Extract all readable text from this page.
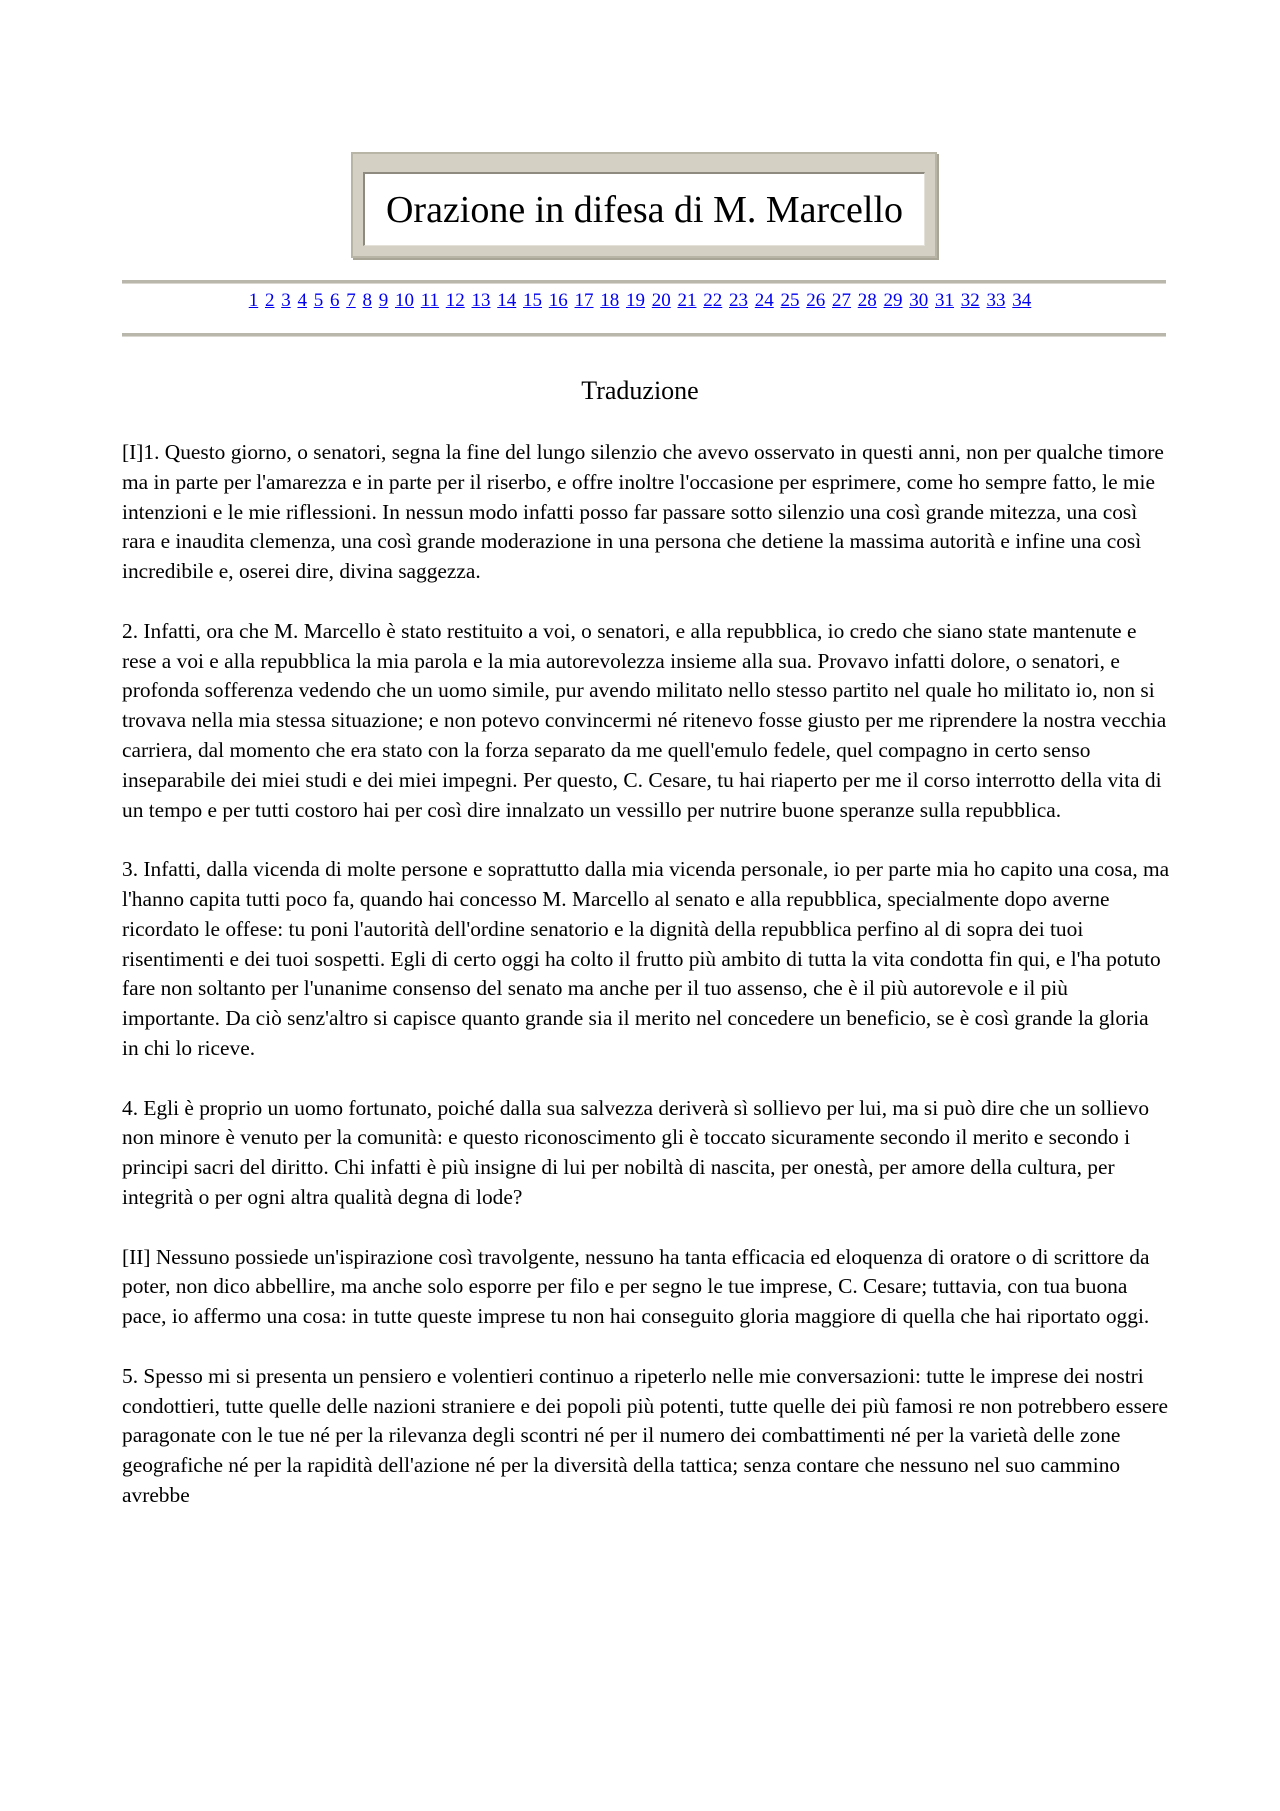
Orazione in difesa di M. Marcello
1 2 3 4 5 6 7 8 9 10 11 12 13 14 15 16 17 18 19 20 21 22 23 24 25 26 27 28 29 30 31 32 33 34
Traduzione

[I]1. Questo giorno, o senatori, segna la fine del lungo silenzio che avevo osservato in questi anni, non per qualche timore ma in parte per l'amarezza e in parte per il riserbo, e offre inoltre l'occasione per esprimere, come ho sempre fatto, le mie intenzioni e le mie riflessioni. In nessun modo infatti posso far passare sotto silenzio una così grande mitezza, una così rara e inaudita clemenza, una così grande moderazione in una persona che detiene la massima autorità e infine una così incredibile e, oserei dire, divina saggezza.

2. Infatti, ora che M. Marcello è stato restituito a voi, o senatori, e alla repubblica, io credo che siano state mantenute e rese a voi e alla repubblica la mia parola e la mia autorevolezza insieme alla sua. Provavo infatti dolore, o senatori, e profonda sofferenza vedendo che un uomo simile, pur avendo militato nello stesso partito nel quale ho militato io, non si trovava nella mia stessa situazione; e non potevo convincermi né ritenevo fosse giusto per me riprendere la nostra vecchia carriera, dal momento che era stato con la forza separato da me quell'emulo fedele, quel compagno in certo senso inseparabile dei miei studi e dei miei impegni. Per questo, C. Cesare, tu hai riaperto per me il corso interrotto della vita di un tempo e per tutti costoro hai per così dire innalzato un vessillo per nutrire buone speranze sulla repubblica.

3. Infatti, dalla vicenda di molte persone e soprattutto dalla mia vicenda personale, io per parte mia ho capito una cosa, ma l'hanno capita tutti poco fa, quando hai concesso M. Marcello al senato e alla repubblica, specialmente dopo averne ricordato le offese: tu poni l'autorità dell'ordine senatorio e la dignità della repubblica perfino al di sopra dei tuoi risentimenti e dei tuoi sospetti. Egli di certo oggi ha colto il frutto più ambito di tutta la vita condotta fin qui, e l'ha potuto fare non soltanto per l'unanime consenso del senato ma anche per il tuo assenso, che è il più autorevole e il più importante. Da ciò senz'altro si capisce quanto grande sia il merito nel concedere un beneficio, se è così grande la gloria in chi lo riceve.

4. Egli è proprio un uomo fortunato, poiché dalla sua salvezza deriverà sì sollievo per lui, ma si può dire che un sollievo non minore è venuto per la comunità: e questo riconoscimento gli è toccato sicuramente secondo il merito e secondo i principi sacri del diritto. Chi infatti è più insigne di lui per nobiltà di nascita, per onestà, per amore della cultura, per integrità o per ogni altra qualità degna di lode?

[II] Nessuno possiede un'ispirazione così travolgente, nessuno ha tanta efficacia ed eloquenza di oratore o di scrittore da poter, non dico abbellire, ma anche solo esporre per filo e per segno le tue imprese, C. Cesare; tuttavia, con tua buona pace, io affermo una cosa: in tutte queste imprese tu non hai conseguito gloria maggiore di quella che hai riportato oggi.

5. Spesso mi si presenta un pensiero e volentieri continuo a ripeterlo nelle mie conversazioni: tutte le imprese dei nostri condottieri, tutte quelle delle nazioni straniere e dei popoli più potenti, tutte quelle dei più famosi re non potrebbero essere paragonate con le tue né per la rilevanza degli scontri né per il numero dei combattimenti né per la varietà delle zone geografiche né per la rapidità dell'azione né per la diversità della tattica; senza contare che nessuno nel suo cammino avrebbe
